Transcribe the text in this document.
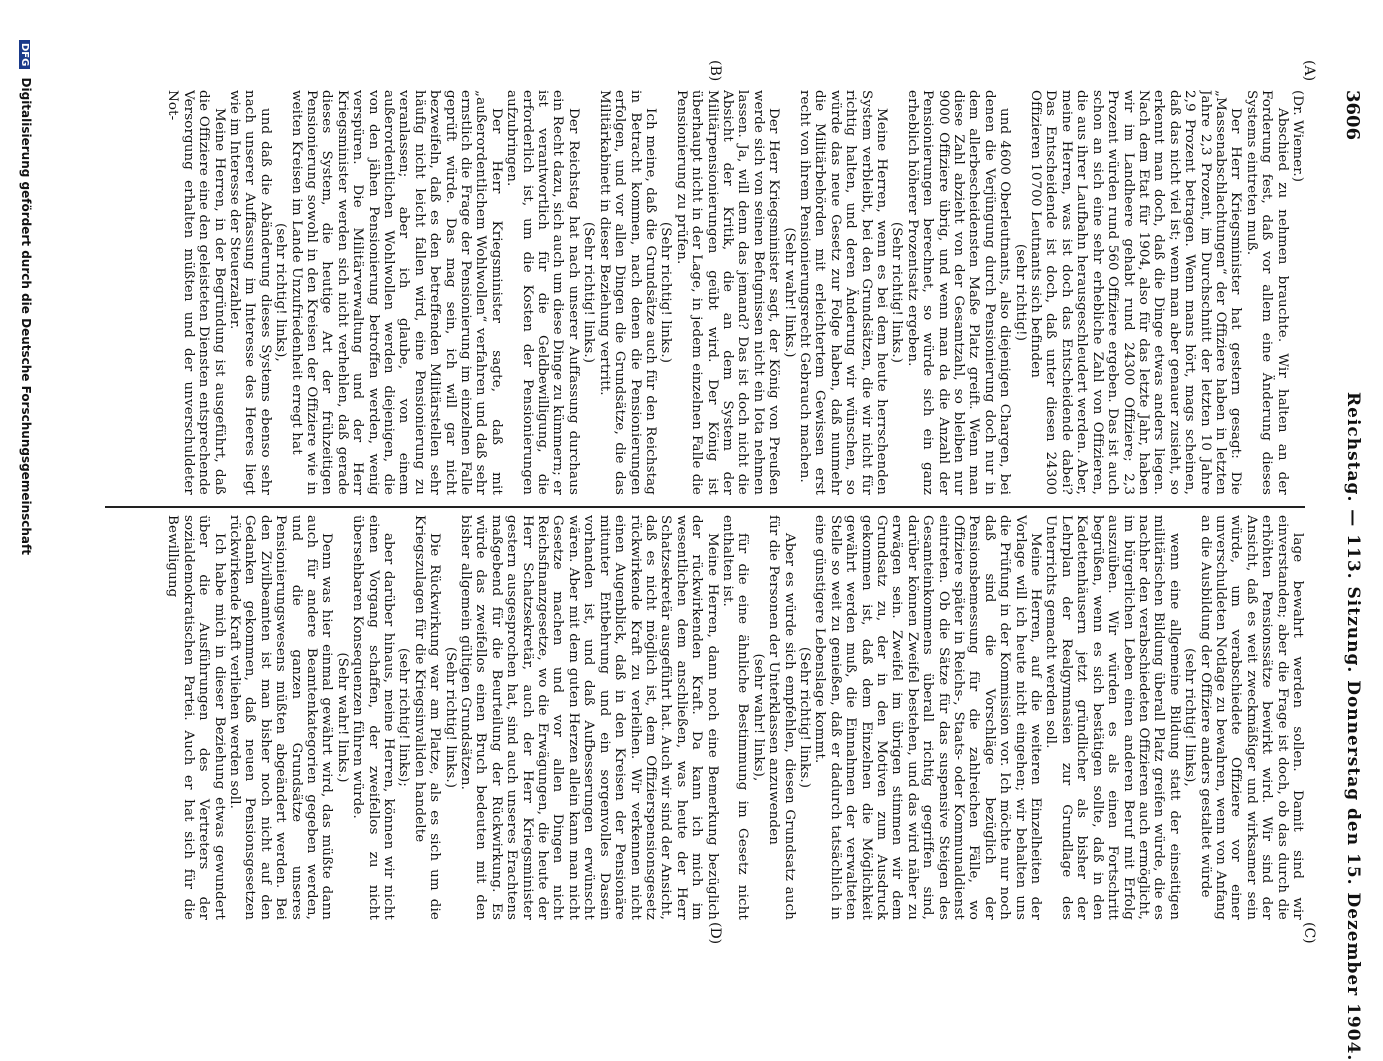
3606
Reichstag. — 113. Sitzung. Donnerstag den 15. Dezember 1904.
(A)
(B)
(C)
(D)

(Dr. Wiemer.)

Abschied zu nehmen brauchte. Wir halten an der Forderung fest, daß vor allem eine Änderung dieses Systems eintreten muß.

Der Herr Kriegsminister hat gestern gesagt: Die „Massenabschlachtungen“ der Offiziere haben in letzten Jahre 2,3 Prozent, im Durchschnitt der letzten 10 Jahre 2,9 Prozent betragen. Wenn mans hört, mags scheinen, daß das nicht viel ist; wenn man aber genauer zusieht, so erkennt man doch, daß die Dinge etwas anders liegen. Nach dem Etat für 1904, also für das letzte Jahr, haben wir im Landheere gehabt rund 24300 Offiziere; 2,3 Prozent würden rund 560 Offiziere ergeben. Das ist auch schon an sich eine sehr erhebliche Zahl von Offizieren, die aus ihrer Laufbahn herausgeschleudert werden. Aber, meine Herren, was ist doch das Entscheidende dabei? Das Entscheidende ist doch, daß unter diesen 24300 Offizieren 10700 Leutnants sich befinden

(sehr richtig!)

und 4600 Oberleutnants, also diejenigen Chargen, bei denen die Verjüngung durch Pensionierung doch nur in dem allerbescheidensten Maße Platz greift. Wenn man diese Zahl abzieht von der Gesamtzahl, so bleiben nur 9000 Offiziere übrig, und wenn man da die Anzahl der Pensionierungen berechnet, so würde sich ein ganz erheblich höherer Prozentsatz ergeben.

(Sehr richtig! links.)

Meine Herren, wenn es bei dem heute herrschenden System verbleibt, bei den Grundsätzen, die wir nicht für richtig halten, und deren Änderung wir wünschen, so würde das neue Gesetz zur Folge haben, daß nunmehr die Militärbehörden mit erleichtertem Gewissen erst recht von ihrem Pensionierungsrecht Gebrauch machen.

(Sehr wahr! links.)

Der Herr Kriegsminister sagt, der König von Preußen werde sich von seinen Befugnissen nicht ein Iota nehmen lassen. Ja, will denn das jemand? Das ist doch nicht die Absicht der Kritik, die an dem System der Militärpensionierungen geübt wird. Der König ist überhaupt nicht in der Lage, in jedem einzelnen Falle die Pensionierung zu prüfen.

(Sehr richtig! links.)

Ich meine, daß die Grundsätze auch für den Reichstag in Betracht kommen, nach denen die Pensionierungen erfolgen, und vor allen Dingen die Grundsätze, die das Militärkabinett in dieser Beziehung vertritt.

(Sehr richtig! links.)

Der Reichstag hat nach unserer Auffassung durchaus ein Recht dazu, sich auch um diese Dinge zu kümmern; er ist verantwortlich für die Geldbewilligung, die erforderlich ist, um die Kosten der Pensionierungen aufzubringen.

Der Herr Kriegsminister sagte, daß mit „außerordentlichem Wohlwollen“ verfahren und daß sehr ernstlich die Frage der Pensionierung im einzelnen Falle geprüft würde. Das mag sein, ich will gar nicht bezweifeln, daß es den betreffenden Militärstellen sehr häufig nicht leicht fallen wird, eine Pensionierung zu veranlassen; aber ich glaube, von einem außerordentlichen Wohlwollen werden diejenigen, die von den jähen Pensionierung betroffen werden, wenig verspüren. Die Militärverwaltung und der Herr Kriegsminister werden sich nicht verhehlen, daß gerade dieses System, die heutige Art der frühzeitigen Pensionierung sowohl in den Kreisen der Offiziere wie in weiten Kreisen im Lande Unzufriedenheit erregt hat

(sehr richtig! links),

und daß die Abänderung dieses Systems ebenso sehr nach unserer Auffassung im Interesse des Heeres liegt wie im Interesse der Steuerzahler.

Meine Herren, in der Begründung ist ausgeführt, daß die Offiziere eine den geleisteten Diensten entsprechende Versorgung erhalten müßten und der unverschuldeter Not-

lage bewahrt werden sollen. Damit sind wir einverstanden; aber die Frage ist doch, ob das durch die erhöhten Pensionssätze bewirkt wird. Wir sind der Ansicht, daß es weit zweckmäßiger und wirksamer sein würde, um verabschiedete Offiziere vor einer unverschuldeten Notlage zu bewahren, wenn von Anfang an die Ausbildung der Offiziere anders gestaltet würde

(sehr richtig! links),

wenn eine allgemeine Bildung statt der einseitigen militärischen Bildung überall Platz greifen würde, die es nachher den verabschiedeten Offizieren auch ermöglicht, im bürgerlichen Leben einen anderen Beruf mit Erfolg auszuüben. Wir würden es als einen Fortschritt begrüßen, wenn es sich bestätigen sollte, daß in den Kadettenhäusern jetzt gründlicher als bisher der Lehrplan der Realgymnasien zur Grundlage des Unterrichts gemacht werden soll.

Meine Herren, auf die weiteren Einzelheiten der Vorlage will ich heute nicht eingehen; wir behalten uns die Prüfung in der Kommission vor. Ich möchte nur noch daß sind die Vorschläge bezüglich der Pensionsbemessung für die zahlreichen Fälle, wo Offiziere später in Reichs-, Staats- oder Kommunaldienst eintreten. Ob die Sätze für das suspensive Steigen des Gesamteinkommens überall richtig gegriffen sind, darüber können Zweifel bestehen, und das wird näher zu erwägen sein. Zweifel im übrigen stimmen wir dem Grundsatz zu, der in den Motiven zum Ausdruck gekommen ist, daß dem Einzelnen die Möglichkeit gewährt werden muß, die Einnahmen der verwalteten Stelle so weit zu genießen, daß er dadurch tatsächlich in eine günstigere Lebenslage kommt.

(Sehr richtig! links.)

Aber es würde sich empfehlen, diesen Grundsatz auch für die Personen der Unterklassen anzuwenden

(sehr wahr! links),

für die eine ähnliche Bestimmung im Gesetz nicht enthalten ist.

Meine Herren, dann noch eine Bemerkung bezüglich der rückwirkenden Kraft. Da kann ich mich im wesentlichen dem anschließen, was heute der Herr Schatzsekretär ausgeführt hat. Auch wir sind der Ansicht, daß es nicht möglich ist, dem Offizierspensionsgesetz rückwirkende Kraft zu verleihen. Wir verkennen nicht einen Augenblick, daß in den Kreisen der Pensionäre mitunter Entbehrung und ein sorgenvolles Dasein vorhanden ist, und daß Aufbesserungen erwünscht wären. Aber mit dem guten Herzen allein kann man nicht Gesetze machen und vor allen Dingen nicht Reichsfinanzgesetze, wo die Erwägungen, die heute der Herr Schatzsekretär, auch der Herr Kriegsminister gestern ausgesprochen hat, sind auch unseres Erachtens maßgebend für die Beurteilung der Rückwirkung. Es würde das zweifellos einen Bruch bedeuten mit den bisher allgemein gültigen Grundsätzen.

(Sehr richtig! links.)

Die Rückwirkung war am Platze, als es sich um die Kriegszulagen für die Kriegsinvaliden handelte

(sehr richtig! links);

aber darüber hinaus, meine Herren, können wir nicht einen Vorgang schaffen, der zweifellos zu nicht übersehbaren Konsequenzen führen würde.

(Sehr wahr! links.)

Denn was hier einmal gewährt wird, das müßte dann auch für andere Beamtenkategorien gegeben werden, und die ganzen Grundsätze unseres Pensionierungswesens müßten abgeändert werden. Bei den Zivilbeamten ist man bisher noch nicht auf den Gedanken gekommen, daß neuen Pensionsgesetzen rückwirkende Kraft verliehen werden soll.

Ich habe mich in dieser Beziehung etwas gewundert über die Ausführungen des Vertreters der sozialdemokratischen Partei. Auch er hat sich für die Bewilligung

DFG Digitalisierung gefördert durch die Deutsche Forschungsgemeinschaft
